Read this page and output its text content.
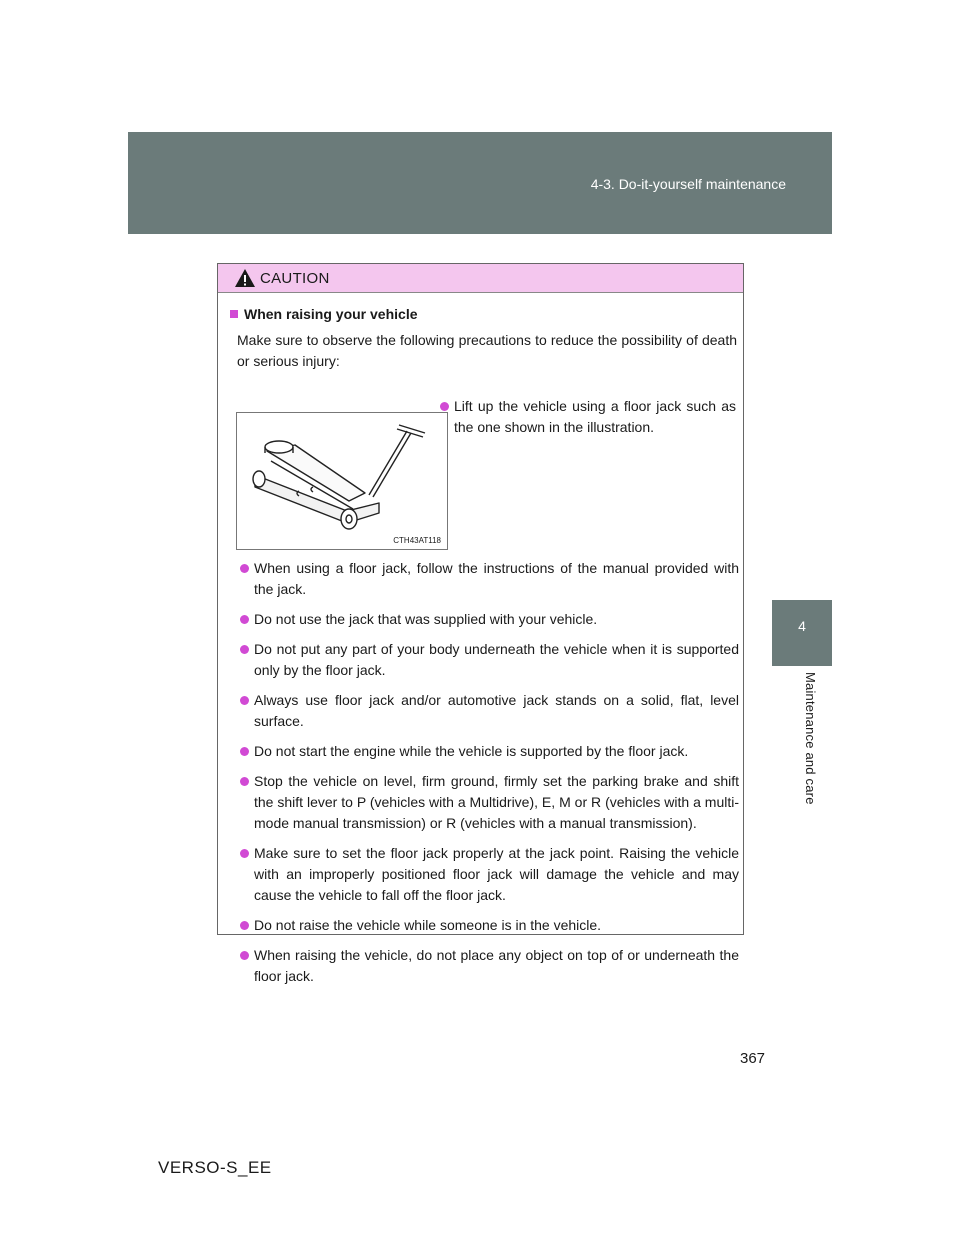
4-3. Do-it-yourself maintenance
4
Maintenance and care
CAUTION
When raising your vehicle
Make sure to observe the following precautions to reduce the possibility of death or serious injury:
CTH43AT118
Lift up the vehicle using a floor jack such as the one shown in the illustration.
When using a floor jack, follow the instructions of the manual provided with the jack.
Do not use the jack that was supplied with your vehicle.
Do not put any part of your body underneath the vehicle when it is supported only by the floor jack.
Always use floor jack and/or automotive jack stands on a solid, flat, level surface.
Do not start the engine while the vehicle is supported by the floor jack.
Stop the vehicle on level, firm ground, firmly set the parking brake and shift the shift lever to P (vehicles with a Multidrive), E, M or R (vehicles with a multi-mode manual transmission) or R (vehicles with a manual transmission).
Make sure to set the floor jack properly at the jack point. Raising the vehicle with an improperly positioned floor jack will damage the vehicle and may cause the vehicle to fall off the floor jack.
Do not raise the vehicle while someone is in the vehicle.
When raising the vehicle, do not place any object on top of or underneath the floor jack.
367
VERSO-S_EE
